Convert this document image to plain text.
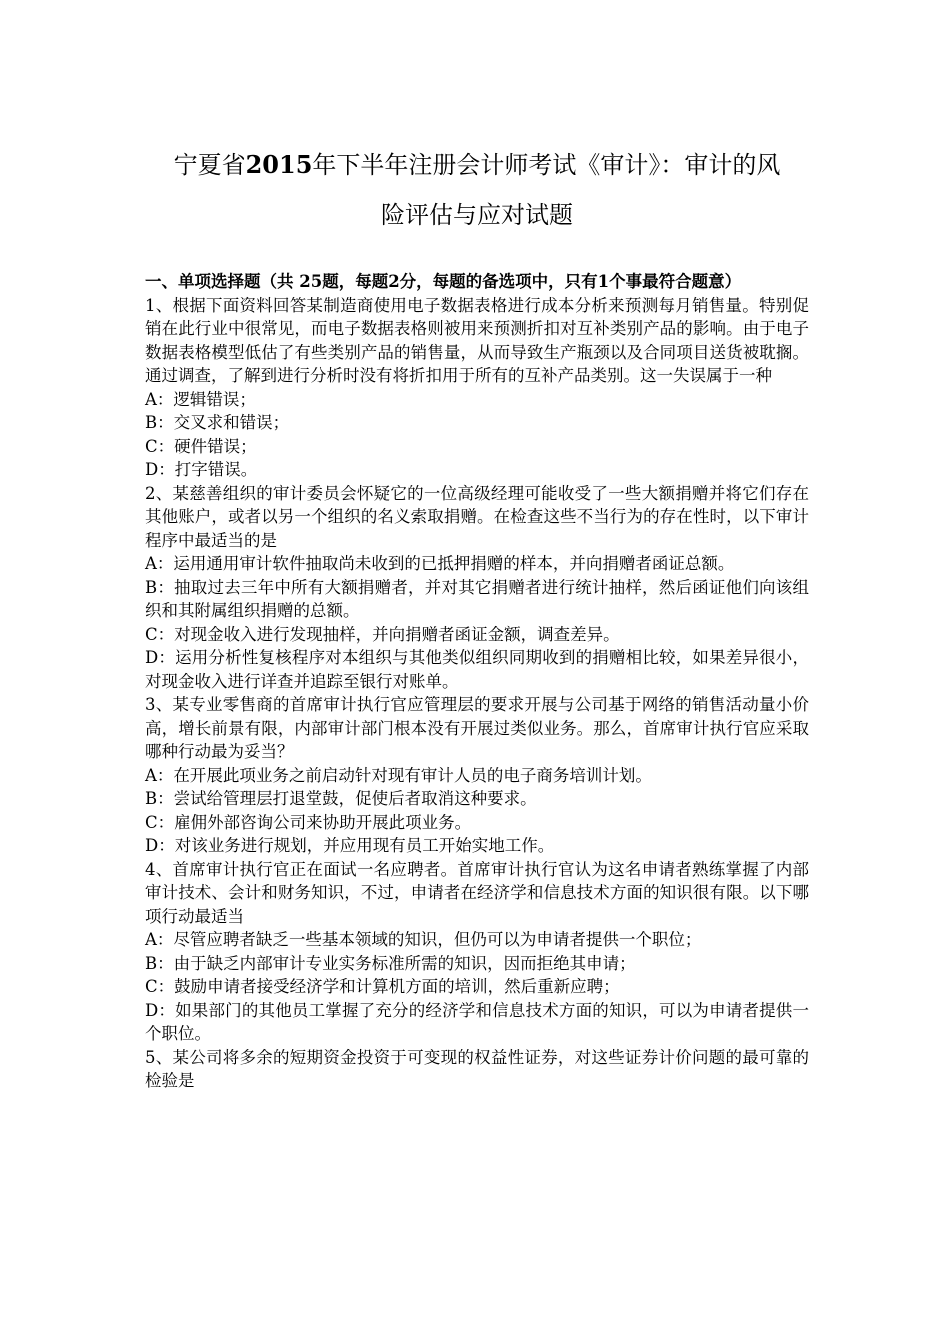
宁夏省2015年下半年注册会计师考试《审计》：审计的风
险评估与应对试题
一、单项选择题（共 25题，每题2分，每题的备选项中，只有1个事最符合题意）

1、根据下面资料回答某制造商使用电子数据表格进行成本分析来预测每月销售量。特别促销在此行业中很常见，而电子数据表格则被用来预测折扣对互补类别产品的影响。由于电子数据表格模型低估了有些类别产品的销售量，从而导致生产瓶颈以及合同项目送货被耽搁。通过调查，了解到进行分析时没有将折扣用于所有的互补产品类别。这一失误属于一种

A：逻辑错误；

B：交叉求和错误；

C：硬件错误；

D：打字错误。

2、某慈善组织的审计委员会怀疑它的一位高级经理可能收受了一些大额捐赠并将它们存在其他账户，或者以另一个组织的名义索取捐赠。在检查这些不当行为的存在性时，以下审计程序中最适当的是

A：运用通用审计软件抽取尚未收到的已抵押捐赠的样本，并向捐赠者函证总额。

B：抽取过去三年中所有大额捐赠者，并对其它捐赠者进行统计抽样，然后函证他们向该组织和其附属组织捐赠的总额。

C：对现金收入进行发现抽样，并向捐赠者函证金额，调查差异。

D：运用分析性复核程序对本组织与其他类似组织同期收到的捐赠相比较，如果差异很小，对现金收入进行详查并追踪至银行对账单。

3、某专业零售商的首席审计执行官应管理层的要求开展与公司基于网络的销售活动量小价高，增长前景有限，内部审计部门根本没有开展过类似业务。那么，首席审计执行官应采取哪种行动最为妥当？

A：在开展此项业务之前启动针对现有审计人员的电子商务培训计划。

B：尝试给管理层打退堂鼓，促使后者取消这种要求。

C：雇佣外部咨询公司来协助开展此项业务。

D：对该业务进行规划，并应用现有员工开始实地工作。

4、首席审计执行官正在面试一名应聘者。首席审计执行官认为这名申请者熟练掌握了内部审计技术、会计和财务知识，不过，申请者在经济学和信息技术方面的知识很有限。以下哪项行动最适当

A：尽管应聘者缺乏一些基本领域的知识，但仍可以为申请者提供一个职位；

B：由于缺乏内部审计专业实务标准所需的知识，因而拒绝其申请；

C：鼓励申请者接受经济学和计算机方面的培训，然后重新应聘；

D：如果部门的其他员工掌握了充分的经济学和信息技术方面的知识，可以为申请者提供一个职位。

5、某公司将多余的短期资金投资于可变现的权益性证券，对这些证券计价问题的最可靠的检验是
